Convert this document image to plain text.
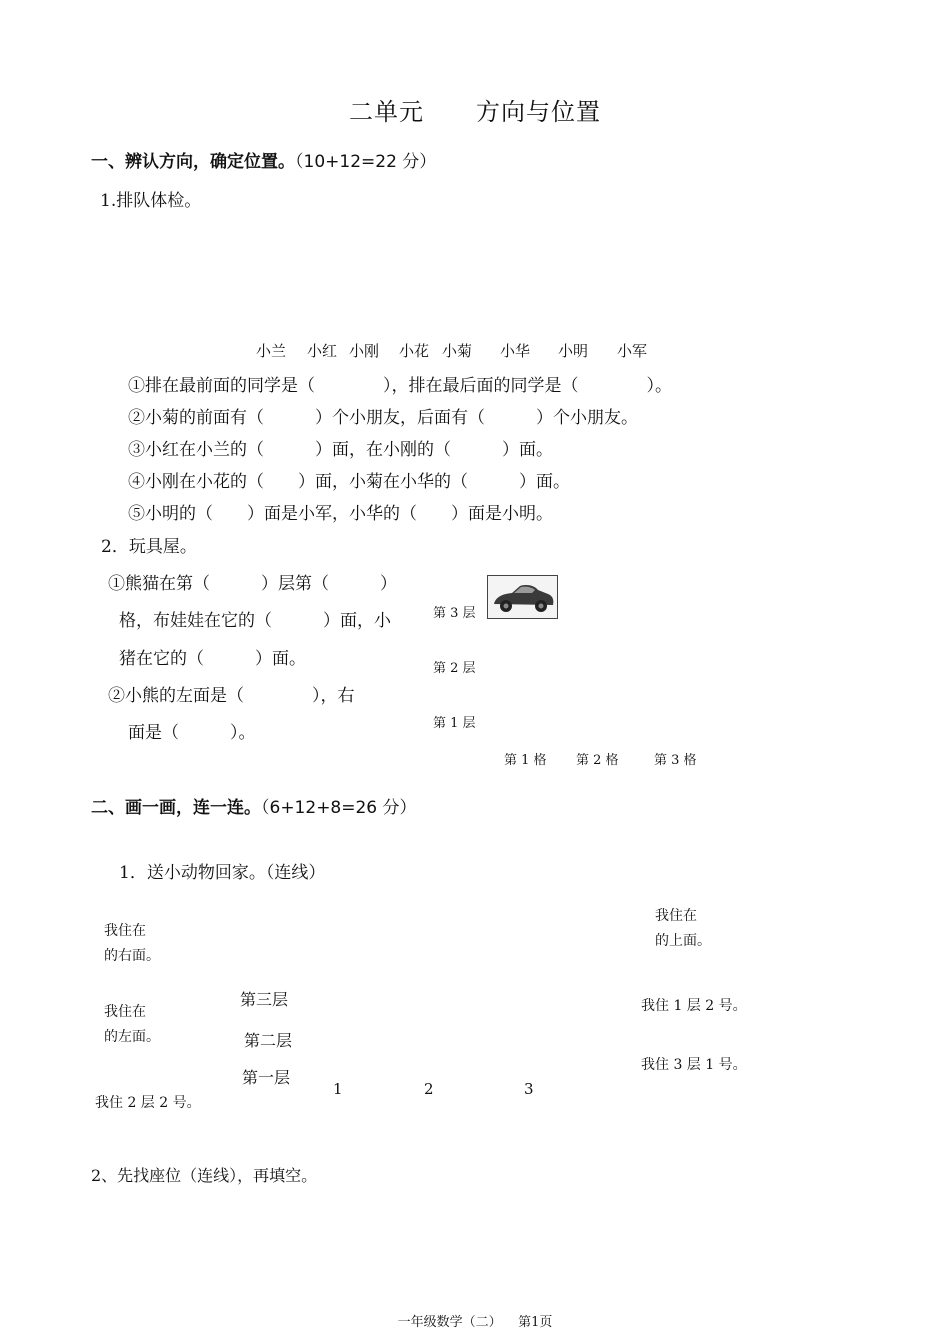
二单元 方向与位置
一、辨认方向，确定位置。（10+12=22 分）
1.排队体检。
小兰 小红 小刚 小花 小菊 小华 小明 小军
①排在最前面的同学是（　　　　），排在最后面的同学是（　　　　）。
②小菊的前面有（　　　）个小朋友，后面有（　　　）个小朋友。
③小红在小兰的（　　　）面，在小刚的（　　　）面。
④小刚在小花的（　　）面，小菊在小华的（　　　）面。
⑤小明的（　　）面是小军，小华的（　　）面是小明。
2．玩具屋。
①熊猫在第（　　　）层第（　　　）
格，布娃娃在它的（　　　）面，小
猪在它的（　　　）面。
②小熊的左面是（　　　　），右
面是（　　　）。
第 3 层
第 2 层
第 1 层
第 1 格 第 2 格	第 3 格
二、画一画，连一连。（6+12+8=26 分）
1．送小动物回家。（连线）
我住在
的右面。
我住在
的左面。
我住 2 层 2 号。
第三层
第二层
第一层
1	2	3
我住在
的上面。
我住 1 层 2 号。
我住 3 层 1 号。
2、先找座位（连线），再填空。
一年级数学（二） 第1页
